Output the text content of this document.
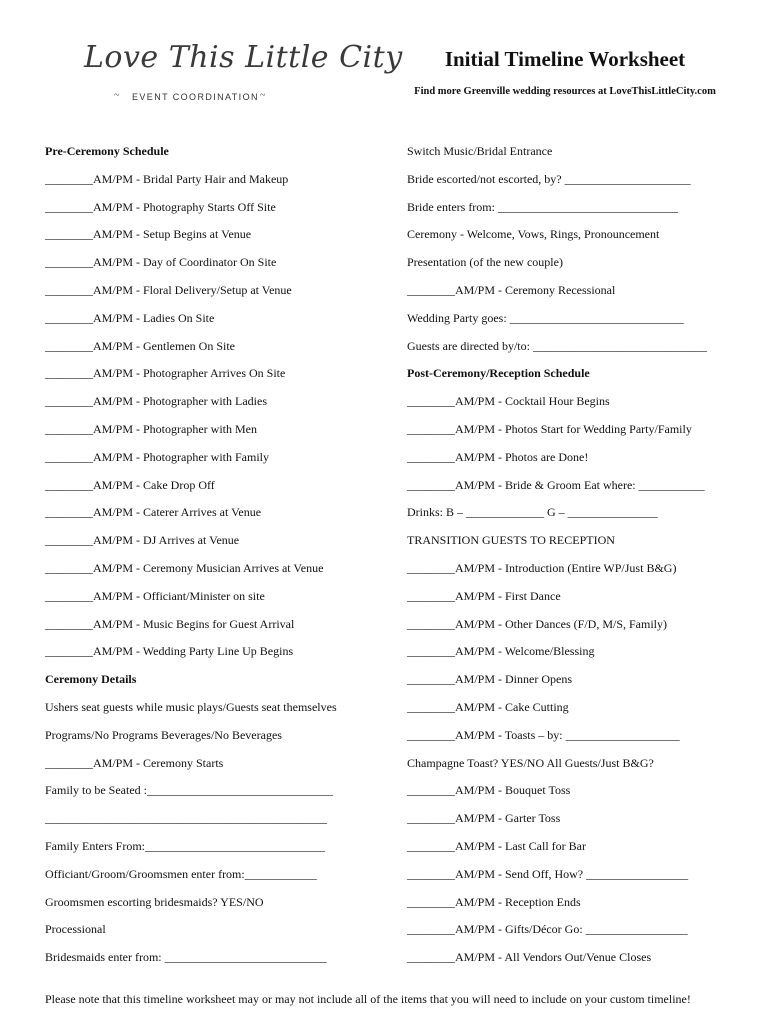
Love This Little City
~ EVENT COORDINATION ~
Initial Timeline Worksheet
Find more Greenville wedding resources at LoveThisLittleCity.com
Pre-Ceremony Schedule
________AM/PM - Bridal Party Hair and Makeup
________AM/PM - Photography Starts Off Site
________AM/PM - Setup Begins at Venue
________AM/PM - Day of Coordinator On Site
________AM/PM - Floral Delivery/Setup at Venue
________AM/PM - Ladies On Site
________AM/PM - Gentlemen On Site
________AM/PM - Photographer Arrives On Site
________AM/PM - Photographer with Ladies
________AM/PM - Photographer with Men
________AM/PM - Photographer with Family
________AM/PM - Cake Drop Off
________AM/PM - Caterer Arrives at Venue
________AM/PM - DJ Arrives at Venue
________AM/PM - Ceremony Musician Arrives at Venue
________AM/PM - Officiant/Minister on site
________AM/PM - Music Begins for Guest Arrival
________AM/PM - Wedding Party Line Up Begins
Ceremony Details
Ushers seat guests while music plays/Guests seat themselves
Programs/No Programs Beverages/No Beverages
________AM/PM - Ceremony Starts
Family to be Seated :_______________________________
_______________________________________________
Family Enters From:______________________________
Officiant/Groom/Groomsmen enter from:____________
Groomsmen escorting bridesmaids? YES/NO
Processional
Bridesmaids enter from: ___________________________
Switch Music/Bridal Entrance
Bride escorted/not escorted, by? _____________________
Bride enters from: ______________________________
Ceremony - Welcome, Vows, Rings, Pronouncement
Presentation (of the new couple)
________AM/PM - Ceremony Recessional
Wedding Party goes: _____________________________
Guests are directed by/to: _____________________________
Post-Ceremony/Reception Schedule
________AM/PM - Cocktail Hour Begins
________AM/PM - Photos Start for Wedding Party/Family
________AM/PM - Photos are Done!
________AM/PM - Bride & Groom Eat where: ___________
Drinks: B – _____________ G – _______________
TRANSITION GUESTS TO RECEPTION
________AM/PM - Introduction (Entire WP/Just B&G)
________AM/PM - First Dance
________AM/PM - Other Dances (F/D, M/S, Family)
________AM/PM - Welcome/Blessing
________AM/PM - Dinner Opens
________AM/PM - Cake Cutting
________AM/PM - Toasts – by: ___________________
Champagne Toast? YES/NO All Guests/Just B&G?
________AM/PM - Bouquet Toss
________AM/PM - Garter Toss
________AM/PM - Last Call for Bar
________AM/PM - Send Off, How? _________________
________AM/PM - Reception Ends
________AM/PM - Gifts/Décor Go: _________________
________AM/PM - All Vendors Out/Venue Closes
Please note that this timeline worksheet may or may not include all of the items that you will need to include on your custom timeline!
